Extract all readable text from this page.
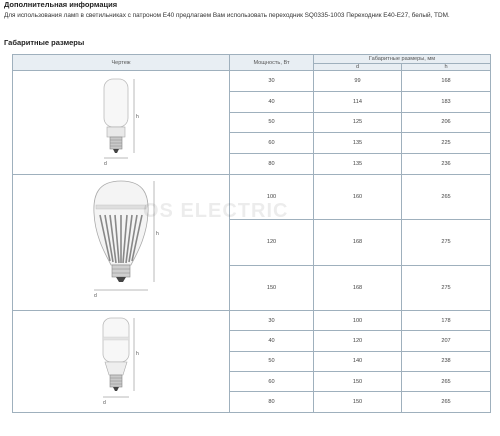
Дополнительная информация
Для использования ламп в светильниках с патроном E40 предлагаем Вам использовать переходник SQ0335-1003 Переходник E40-E27, белый, TDM.
Габаритные размеры
Чертеж	Мощность, Вт	Габаритные размеры, мм	
		d	h

h
d	30	99	168
	40	114	183
	50	125	206
	60	135	225
	80	135	236

h
d	100	160	265
	120	168	275
	150	168	275

h
d	30	100	178
	40	120	207
	50	140	238
	60	150	265
	80	150	265
ELECTRIC
